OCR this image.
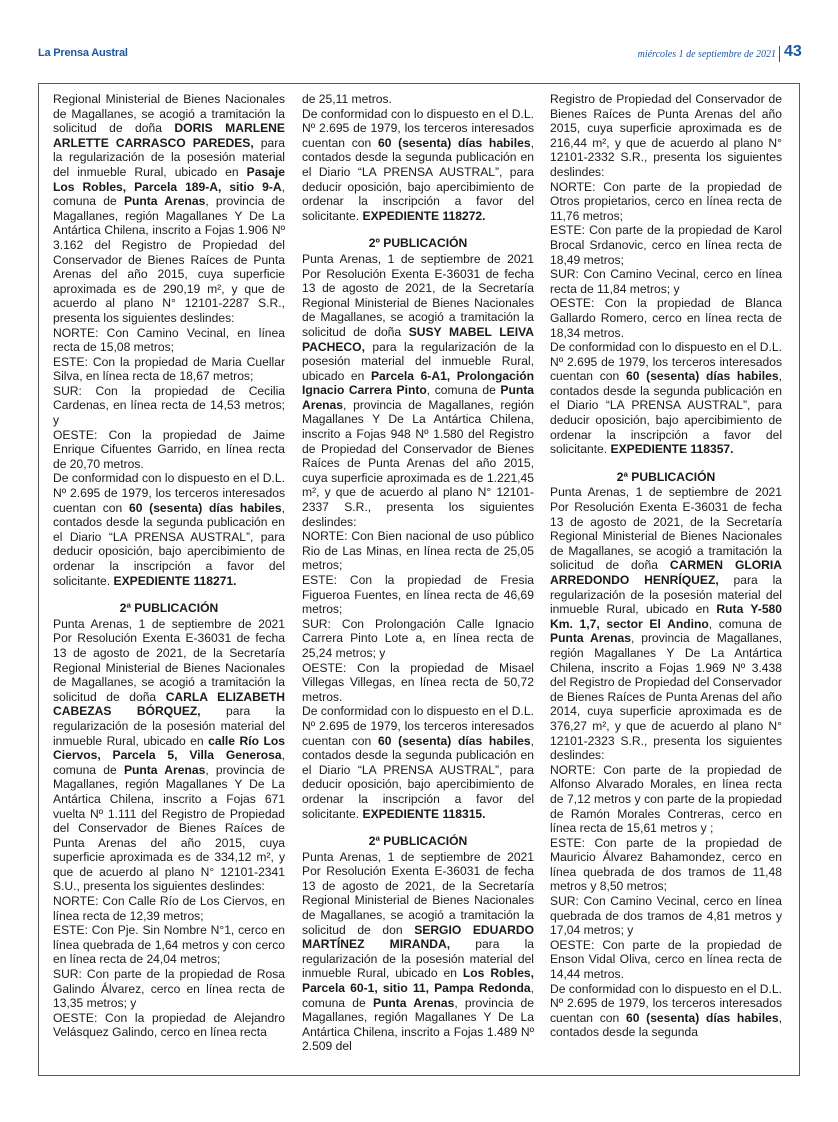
La Prensa Austral	miércoles 1 de septiembre de 2021 43

Regional Ministerial de Bienes Nacionales de Magallanes, se acogió a tramitación la solicitud de doña DORIS MARLENE ARLETTE CARRASCO PAREDES, para la regularización de la posesión material del inmueble Rural, ubicado en Pasaje Los Robles, Parcela 189-A, sitio 9-A, comuna de Punta Arenas, provincia de Magallanes, región Magallanes Y De La Antártica Chilena, inscrito a Fojas 1.906 Nº 3.162 del Registro de Propiedad del Conservador de Bienes Raíces de Punta Arenas del año 2015, cuya superficie aproximada es de 290,19 m², y que de acuerdo al plano N° 12101-2287 S.R., presenta los siguientes deslindes:

NORTE: Con Camino Vecinal, en línea recta de 15,08 metros;

ESTE: Con la propiedad de Maria Cuellar Silva, en línea recta de 18,67 metros;

SUR: Con la propiedad de Cecilia Cardenas, en línea recta de 14,53 metros; y

OESTE: Con la propiedad de Jaime Enrique Cifuentes Garrido, en línea recta de 20,70 metros.

De conformidad con lo dispuesto en el D.L. Nº 2.695 de 1979, los terceros interesados cuentan con 60 (sesenta) días habiles, contados desde la segunda publicación en el Diario “LA PRENSA AUSTRAL”, para deducir oposición, bajo apercibimiento de ordenar la inscripción a favor del solicitante. EXPEDIENTE 118271.

2ª PUBLICACIÓN

Punta Arenas, 1 de septiembre de 2021 Por Resolución Exenta E-36031 de fecha 13 de agosto de 2021, de la Secretaría Regional Ministerial de Bienes Nacionales de Magallanes, se acogió a tramitación la solicitud de doña CARLA ELIZABETH CABEZAS BÓRQUEZ, para la regularización de la posesión material del inmueble Rural, ubicado en calle Río Los Ciervos, Parcela 5, Villa Generosa, comuna de Punta Arenas, provincia de Magallanes, región Magallanes Y De La Antártica Chilena, inscrito a Fojas 671 vuelta Nº 1.111 del Registro de Propiedad del Conservador de Bienes Raíces de Punta Arenas del año 2015, cuya superficie aproximada es de 334,12 m², y que de acuerdo al plano N° 12101-2341 S.U., presenta los siguientes deslindes:

NORTE: Con Calle Río de Los Ciervos, en línea recta de 12,39 metros;

ESTE: Con Pje. Sin Nombre N°1, cerco en línea quebrada de 1,64 metros y con cerco en línea recta de 24,04 metros;

SUR: Con parte de la propiedad de Rosa Galindo Álvarez, cerco en línea recta de 13,35 metros; y

OESTE: Con la propiedad de Alejandro Velásquez Galindo, cerco en línea recta

de 25,11 metros.

De conformidad con lo dispuesto en el D.L. Nº 2.695 de 1979, los terceros interesados cuentan con 60 (sesenta) días habiles, contados desde la segunda publicación en el Diario “LA PRENSA AUSTRAL”, para deducir oposición, bajo apercibimiento de ordenar la inscripción a favor del solicitante. EXPEDIENTE 118272.

2º PUBLICACIÓN

Punta Arenas, 1 de septiembre de 2021 Por Resolución Exenta E-36031 de fecha 13 de agosto de 2021, de la Secretaría Regional Ministerial de Bienes Nacionales de Magallanes, se acogió a tramitación la solicitud de doña SUSY MABEL LEIVA PACHECO, para la regularización de la posesión material del inmueble Rural, ubicado en Parcela 6-A1, Prolongación Ignacio Carrera Pinto, comuna de Punta Arenas, provincia de Magallanes, región Magallanes Y De La Antártica Chilena, inscrito a Fojas 948 Nº 1.580 del Registro de Propiedad del Conservador de Bienes Raíces de Punta Arenas del año 2015, cuya superficie aproximada es de 1.221,45 m², y que de acuerdo al plano N° 12101-2337 S.R., presenta los siguientes deslindes:

NORTE: Con Bien nacional de uso público Rio de Las Minas, en línea recta de 25,05 metros;

ESTE: Con la propiedad de Fresia Figueroa Fuentes, en línea recta de 46,69 metros;

SUR: Con Prolongación Calle Ignacio Carrera Pinto Lote a, en línea recta de 25,24 metros; y

OESTE: Con la propiedad de Misael Villegas Villegas, en línea recta de 50,72 metros.

De conformidad con lo dispuesto en el D.L. Nº 2.695 de 1979, los terceros interesados cuentan con 60 (sesenta) días habiles, contados desde la segunda publicación en el Diario “LA PRENSA AUSTRAL”, para deducir oposición, bajo apercibimiento de ordenar la inscripción a favor del solicitante. EXPEDIENTE 118315.

2ª PUBLICACIÓN

Punta Arenas, 1 de septiembre de 2021 Por Resolución Exenta E-36031 de fecha 13 de agosto de 2021, de la Secretaría Regional Ministerial de Bienes Nacionales de Magallanes, se acogió a tramitación la solicitud de don SERGIO EDUARDO MARTÍNEZ MIRANDA, para la regularización de la posesión material del inmueble Rural, ubicado en Los Robles, Parcela 60-1, sitio 11, Pampa Redonda, comuna de Punta Arenas, provincia de Magallanes, región Magallanes Y De La Antártica Chilena, inscrito a Fojas 1.489 Nº 2.509 del

Registro de Propiedad del Conservador de Bienes Raíces de Punta Arenas del año 2015, cuya superficie aproximada es de 216,44 m², y que de acuerdo al plano N° 12101-2332 S.R., presenta los siguientes deslindes:

NORTE: Con parte de la propiedad de Otros propietarios, cerco en línea recta de 11,76 metros;

ESTE: Con parte de la propiedad de Karol Brocal Srdanovic, cerco en línea recta de 18,49 metros;

SUR: Con Camino Vecinal, cerco en línea recta de 11,84 metros; y

OESTE: Con la propiedad de Blanca Gallardo Romero, cerco en línea recta de 18,34 metros.

De conformidad con lo dispuesto en el D.L. Nº 2.695 de 1979, los terceros interesados cuentan con 60 (sesenta) días habiles, contados desde la segunda publicación en el Diario “LA PRENSA AUSTRAL”, para deducir oposición, bajo apercibimiento de ordenar la inscripción a favor del solicitante. EXPEDIENTE 118357.

2ª PUBLICACIÓN

Punta Arenas, 1 de septiembre de 2021 Por Resolución Exenta E-36031 de fecha 13 de agosto de 2021, de la Secretaría Regional Ministerial de Bienes Nacionales de Magallanes, se acogió a tramitación la solicitud de doña CARMEN GLORIA ARREDONDO HENRÍQUEZ, para la regularización de la posesión material del inmueble Rural, ubicado en Ruta Y-580 Km. 1,7, sector El Andino, comuna de Punta Arenas, provincia de Magallanes, región Magallanes Y De La Antártica Chilena, inscrito a Fojas 1.969 Nº 3.438 del Registro de Propiedad del Conservador de Bienes Raíces de Punta Arenas del año 2014, cuya superficie aproximada es de 376,27 m², y que de acuerdo al plano N° 12101-2323 S.R., presenta los siguientes deslindes:

NORTE: Con parte de la propiedad de Alfonso Alvarado Morales, en línea recta de 7,12 metros y con parte de la propiedad de Ramón Morales Contreras, cerco en línea recta de 15,61 metros y ;

ESTE: Con parte de la propiedad de Mauricio Álvarez Bahamondez, cerco en línea quebrada de dos tramos de 11,48 metros y 8,50 metros;

SUR: Con Camino Vecinal, cerco en línea quebrada de dos tramos de 4,81 metros y 17,04 metros; y

OESTE: Con parte de la propiedad de Enson Vidal Oliva, cerco en línea recta de 14,44 metros.

De conformidad con lo dispuesto en el D.L. Nº 2.695 de 1979, los terceros interesados cuentan con 60 (sesenta) días habiles, contados desde la segunda
